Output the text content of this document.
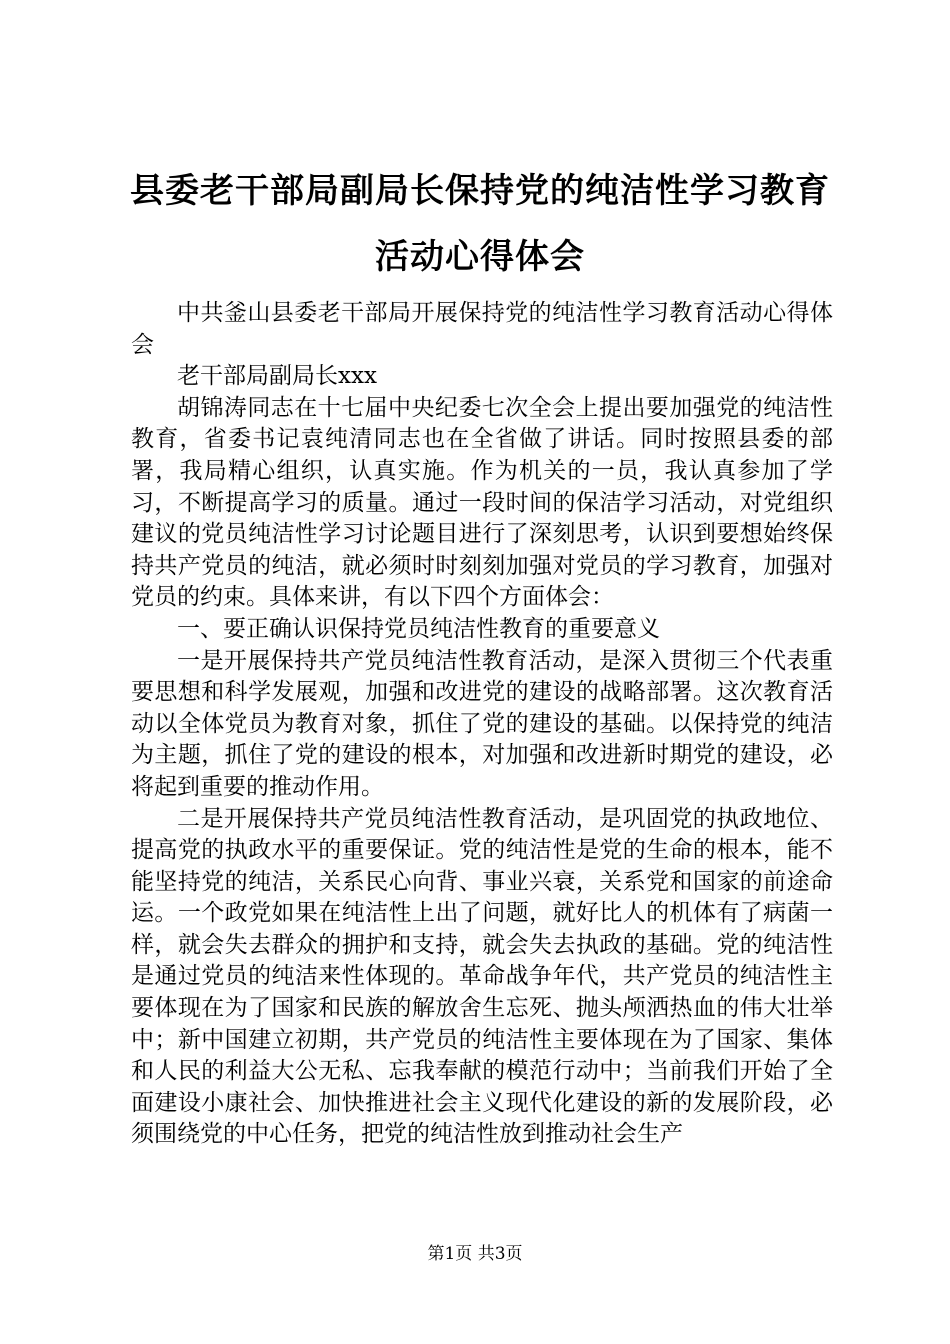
县委老干部局副局长保持党的纯洁性学习教育
活动心得体会

中共釜山县委老干部局开展保持党的纯洁性学习教育活动心得体会

老干部局副局长xxx

胡锦涛同志在十七届中央纪委七次全会上提出要加强党的纯洁性教育，省委书记袁纯清同志也在全省做了讲话。同时按照县委的部署，我局精心组织，认真实施。作为机关的一员，我认真参加了学习，不断提高学习的质量。通过一段时间的保洁学习活动，对党组织建议的党员纯洁性学习讨论题目进行了深刻思考，认识到要想始终保持共产党员的纯洁，就必须时时刻刻加强对党员的学习教育，加强对党员的约束。具体来讲，有以下四个方面体会：

一、要正确认识保持党员纯洁性教育的重要意义

一是开展保持共产党员纯洁性教育活动，是深入贯彻三个代表重要思想和科学发展观，加强和改进党的建设的战略部署。这次教育活动以全体党员为教育对象，抓住了党的建设的基础。以保持党的纯洁为主题，抓住了党的建设的根本，对加强和改进新时期党的建设，必将起到重要的推动作用。

二是开展保持共产党员纯洁性教育活动，是巩固党的执政地位、提高党的执政水平的重要保证。党的纯洁性是党的生命的根本，能不能坚持党的纯洁，关系民心向背、事业兴衰，关系党和国家的前途命运。一个政党如果在纯洁性上出了问题，就好比人的机体有了病菌一样，就会失去群众的拥护和支持，就会失去执政的基础。党的纯洁性是通过党员的纯洁来性体现的。革命战争年代，共产党员的纯洁性主要体现在为了国家和民族的解放舍生忘死、抛头颅洒热血的伟大壮举中；新中国建立初期，共产党员的纯洁性主要体现在为了国家、集体和人民的利益大公无私、忘我奉献的模范行动中；当前我们开始了全面建设小康社会、加快推进社会主义现代化建设的新的发展阶段，必须围绕党的中心任务，把党的纯洁性放到推动社会生产

第1页 共3页
